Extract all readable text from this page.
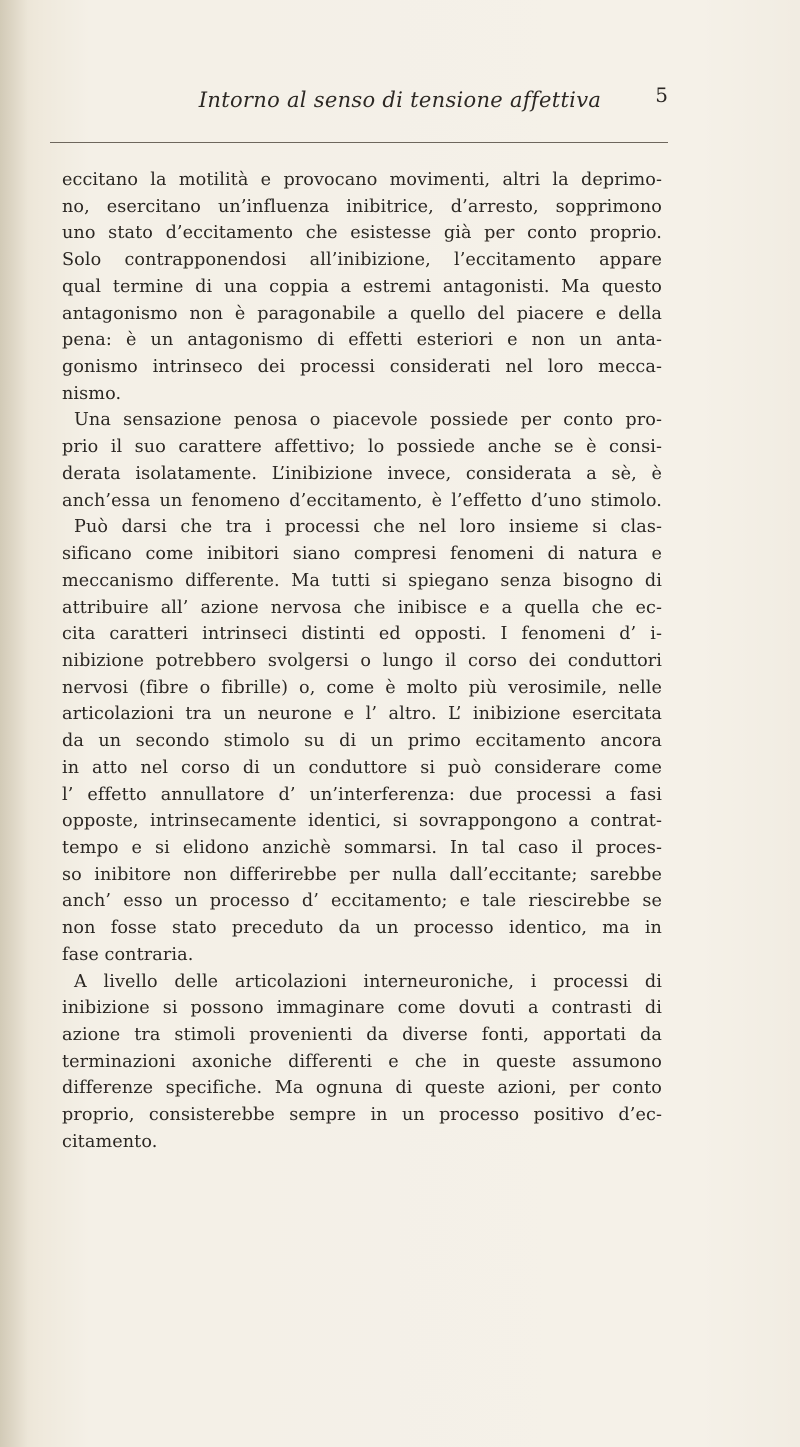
Intorno al senso di tensione affettiva	5
eccitano la motilità e provocano movimenti, altri la deprimo-
no, esercitano un’influenza inibitrice, d’arresto, sopprimono
uno stato d’eccitamento che esistesse già per conto proprio.
Solo contrapponendosi all’inibizione, l’eccitamento appare
qual termine di una coppia a estremi antagonisti. Ma questo
antagonismo non è paragonabile a quello del piacere e della
pena: è un antagonismo di effetti esteriori e non un anta-
gonismo intrinseco dei processi considerati nel loro mecca-
nismo.
Una sensazione penosa o piacevole possiede per conto pro-
prio il suo carattere affettivo; lo possiede anche se è consi-
derata isolatamente. L’inibizione invece, considerata a sè, è
anch’essa un fenomeno d’eccitamento, è l’effetto d’uno stimolo.
Può darsi che tra i processi che nel loro insieme si clas-
sificano come inibitori siano compresi fenomeni di natura e
meccanismo differente. Ma tutti si spiegano senza bisogno di
attribuire all’ azione nervosa che inibisce e a quella che ec-
cita caratteri intrinseci distinti ed opposti. I fenomeni d’ i-
nibizione potrebbero svolgersi o lungo il corso dei conduttori
nervosi (fibre o fibrille) o, come è molto più verosimile, nelle
articolazioni tra un neurone e l’ altro. L’ inibizione esercitata
da un secondo stimolo su di un primo eccitamento ancora
in atto nel corso di un conduttore si può considerare come
l’ effetto annullatore d’ un’interferenza: due processi a fasi
opposte, intrinsecamente identici, si sovrappongono a contrat-
tempo e si elidono anzichè sommarsi. In tal caso il proces-
so inibitore non differirebbe per nulla dall’eccitante; sarebbe
anch’ esso un processo d’ eccitamento; e tale riescirebbe se
non fosse stato preceduto da un processo identico, ma in
fase contraria.
A livello delle articolazioni interneuroniche, i processi di
inibizione si possono immaginare come dovuti a contrasti di
azione tra stimoli provenienti da diverse fonti, apportati da
terminazioni axoniche differenti e che in queste assumono
differenze specifiche. Ma ognuna di queste azioni, per conto
proprio, consisterebbe sempre in un processo positivo d’ec-
citamento.
